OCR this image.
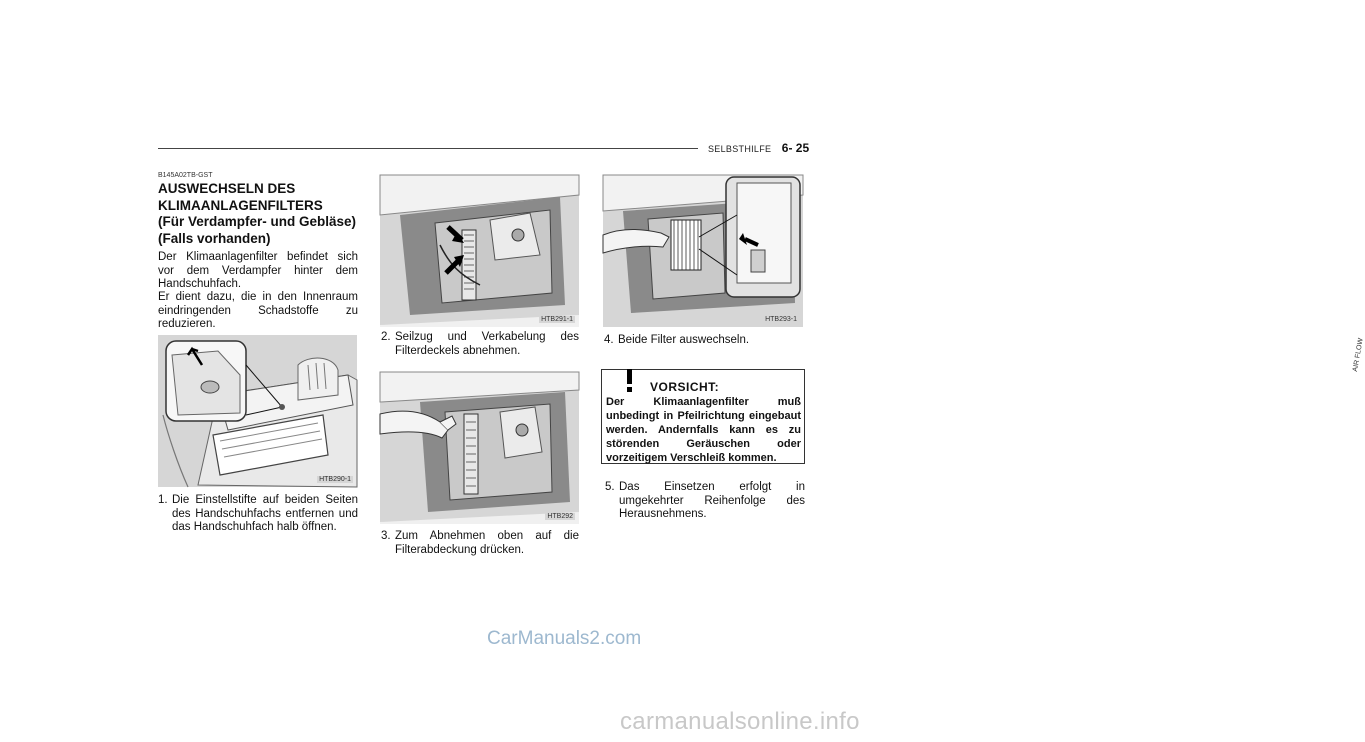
SELBSTHILFE 6- 25
B145A02TB-GST
AUSWECHSELN DES
KLIMAANLAGENFILTERS
(Für Verdampfer- und Gebläse)
(Falls vorhanden)
Der Klimaanlagenfilter befindet sich vor dem Verdampfer hinter dem Handschuhfach.
Er dient dazu, die in den Innenraum eindringenden Schadstoffe zu reduzieren.
HTB290-1
1. Die Einstellstifte auf beiden Seiten des Handschuhfachs entfernen und das Handschuhfach halb öffnen.
HTB291-1
2. Seilzug und Verkabelung des Filterdeckels abnehmen.
HTB292
3. Zum Abnehmen oben auf die Filterabdeckung drücken.
AIR FLOW
HTB293-1
4. Beide Filter auswechseln.
VORSICHT:
Der Klimaanlagenfilter muß unbedingt in Pfeilrichtung eingebaut werden. Andernfalls kann es zu störenden Geräuschen oder vorzeitigem Verschleiß kommen.
5. Das Einsetzen erfolgt in umgekehrter Reihenfolge des Herausnehmens.
CarManuals2.com
carmanualsonline.info
